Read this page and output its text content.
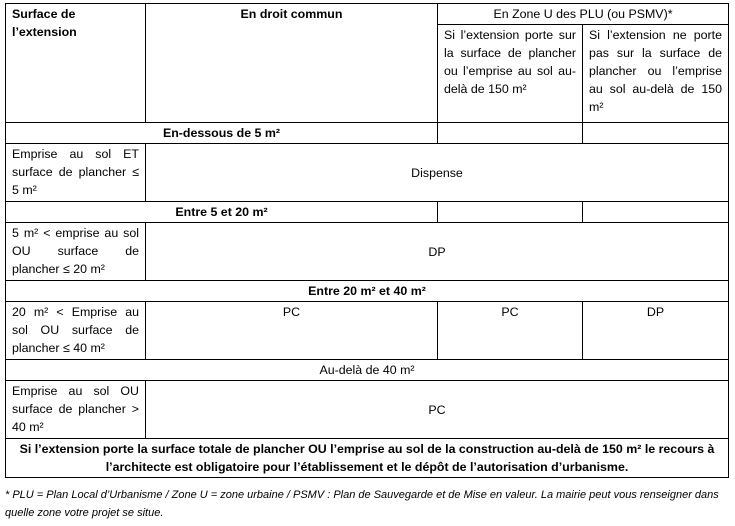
Surface de l’extension	En droit commun	En Zone U des PLU (ou PSMV)*	
		Si l’extension porte sur la surface de plancher ou l’emprise au sol au-delà de 150 m²	Si l’extension ne porte pas sur la surface de plancher ou l’emprise au sol au-delà de 150 m²
En-dessous de 5 m²			
Emprise au sol ET surface de plancher ≤ 5 m²	Dispense		
Entre 5 et 20 m²			
5 m² < emprise au sol OU surface de plancher ≤ 20 m²	DP		
Entre 20 m² et 40 m²			
20 m² < Emprise au sol OU surface de plancher ≤ 40 m²	PC	PC	DP
Au-delà de 40 m²			
Emprise au sol OU surface de plancher > 40 m²	PC		
Si l’extension porte la surface totale de plancher OU l’emprise au sol de la construction au-delà de 150 m² le recours à l’architecte est obligatoire pour l’établissement et le dépôt de l’autorisation d’urbanisme.			
* PLU = Plan Local d’Urbanisme / Zone U = zone urbaine / PSMV : Plan de Sauvegarde et de Mise en valeur. La mairie peut vous renseigner dans quelle zone votre projet se situe.
